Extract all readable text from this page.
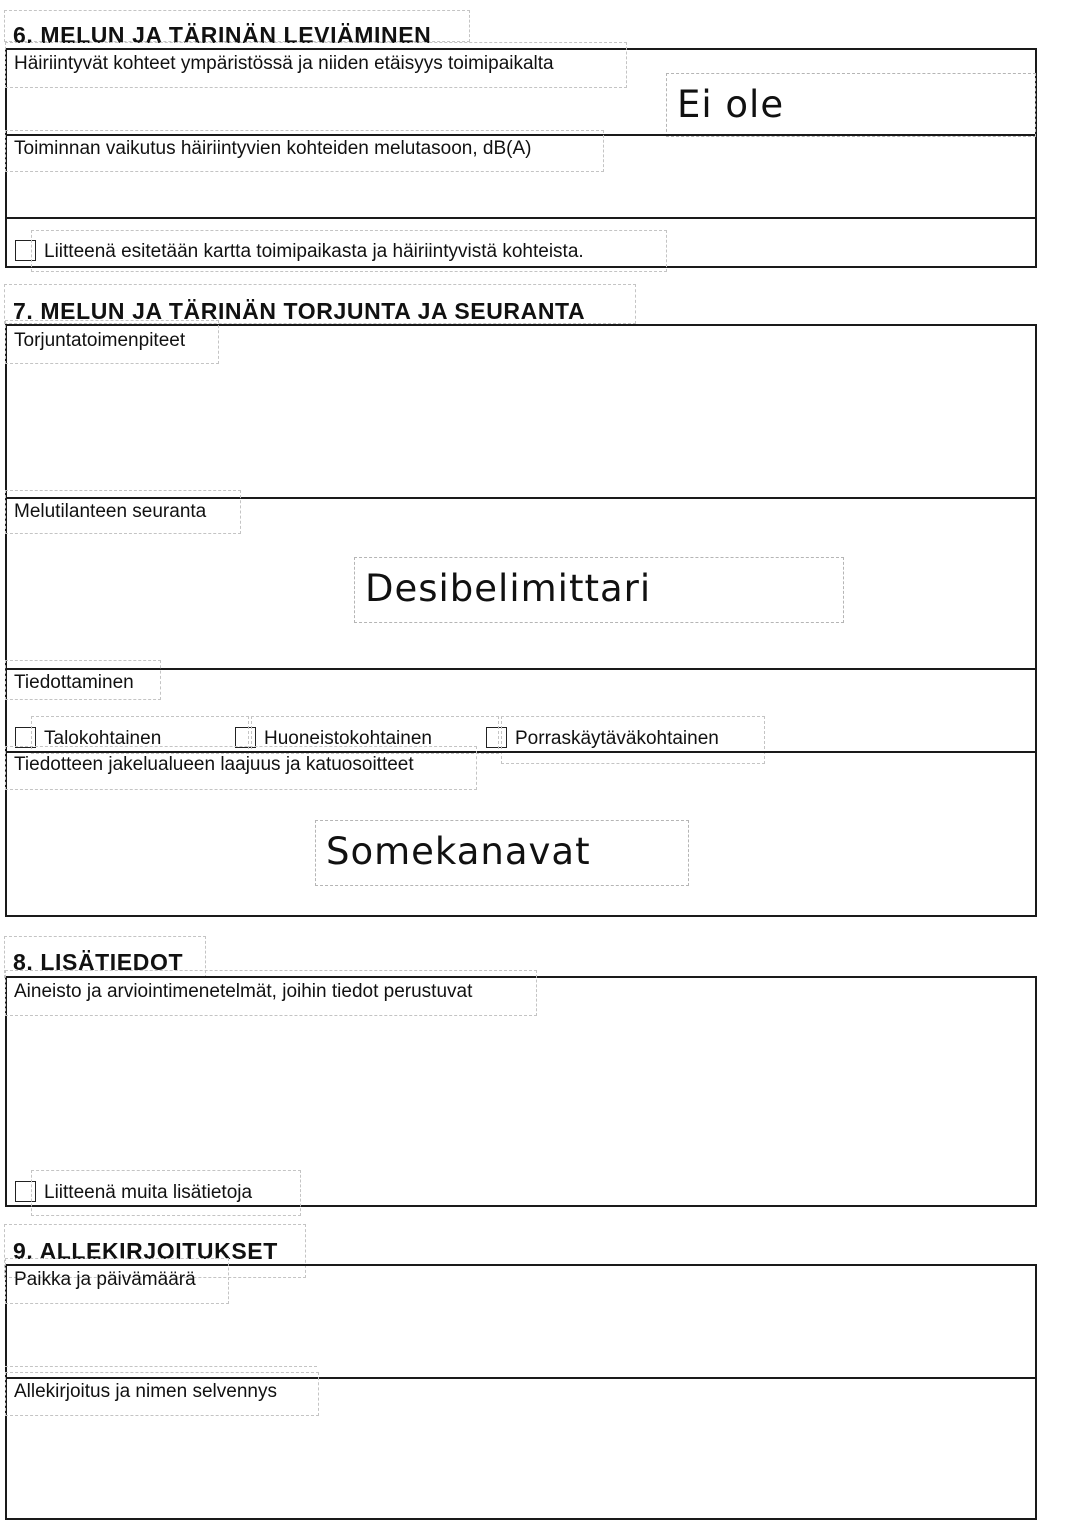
6. MELUN JA TÄRINÄN LEVIÄMINEN
Häiriintyvät kohteet ympäristössä ja niiden etäisyys toimipaikalta
Ei ole
Toiminnan vaikutus häiriintyvien kohteiden melutasoon, dB(A)
Liitteenä esitetään kartta toimipaikasta ja häiriintyvistä kohteista.
7. MELUN JA TÄRINÄN TORJUNTA JA SEURANTA
Torjuntatoimenpiteet
Melutilanteen seuranta
Desibelimittari
Tiedottaminen
Talokohtainen	Huoneistokohtainen	Porraskäytäväkohtainen
Tiedotteen jakelualueen laajuus ja katuosoitteet
Somekanavat
8. LISÄTIEDOT
Aineisto ja arviointimenetelmät, joihin tiedot perustuvat
Liitteenä muita lisätietoja
9. ALLEKIRJOITUKSET
Paikka ja päivämäärä
Allekirjoitus ja nimen selvennys
